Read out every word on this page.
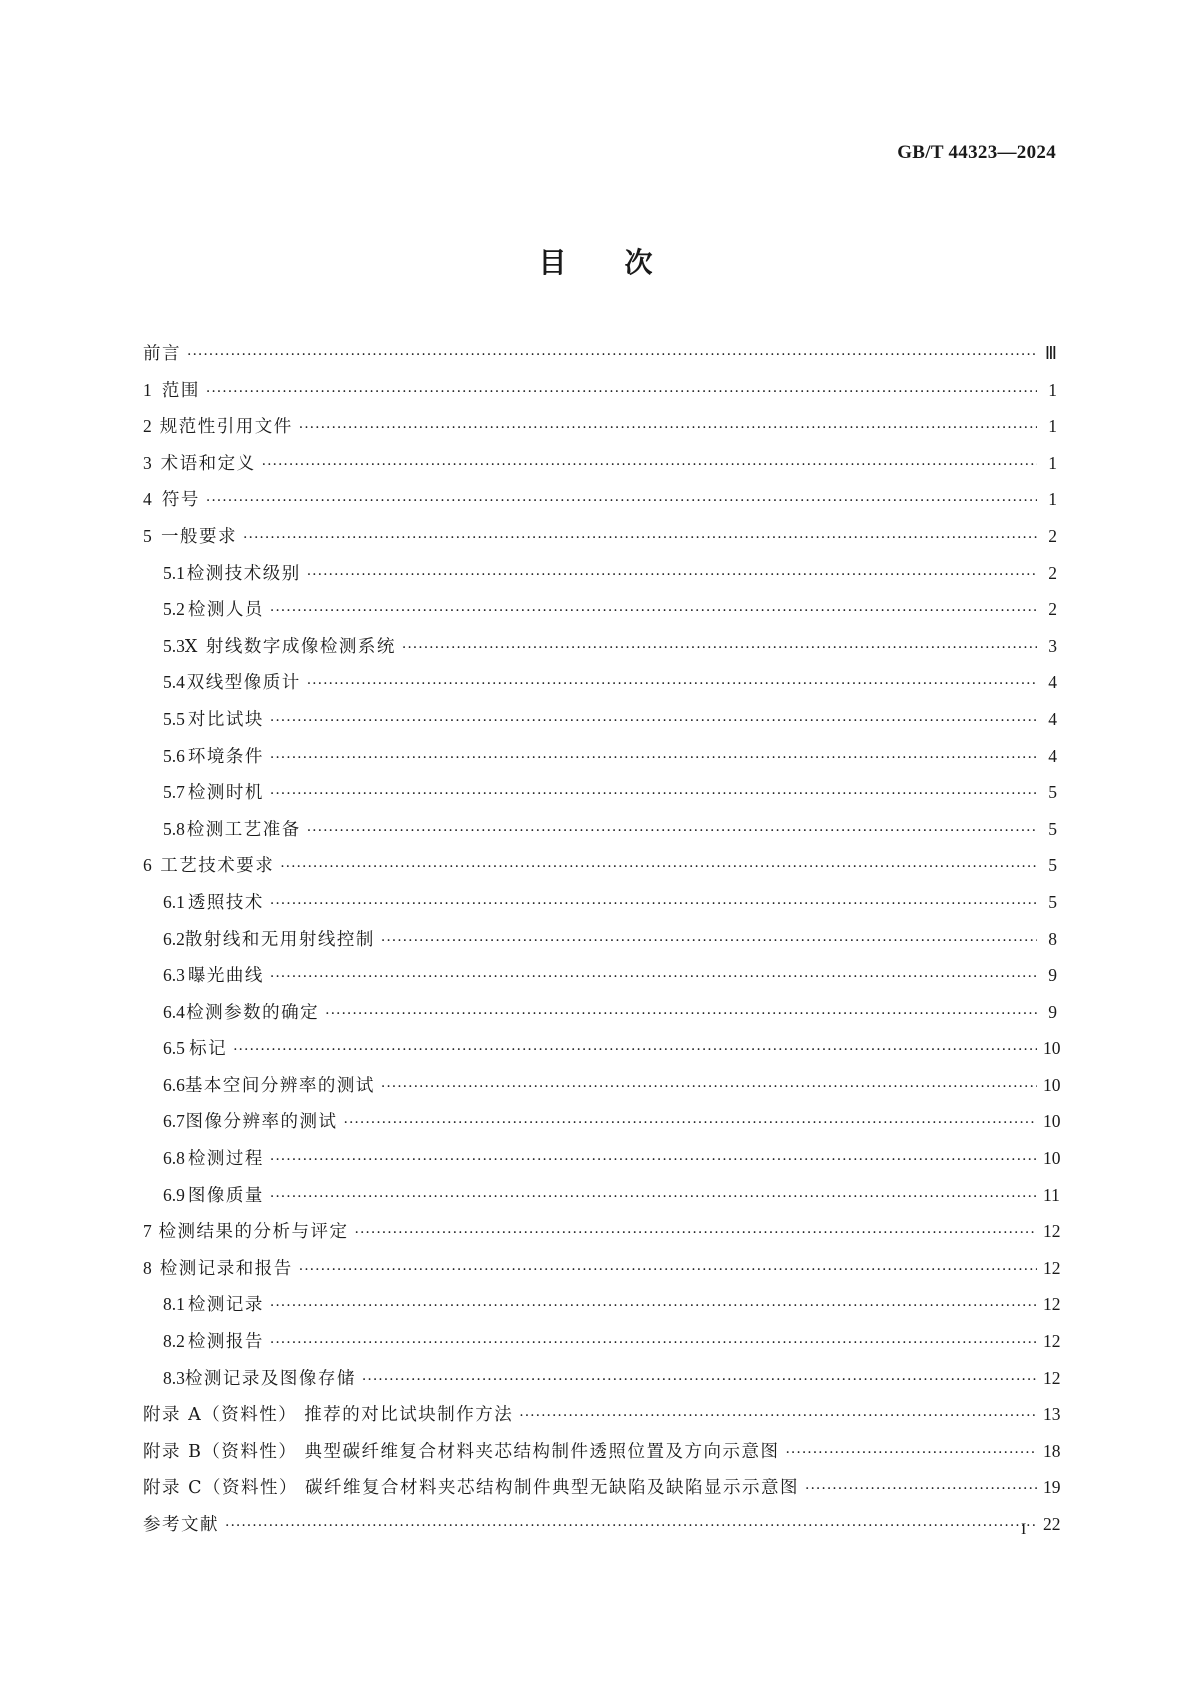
GB/T 44323—2024
目 次
前言 ·····	Ⅲ
1 范围 ·····	1
2 规范性引用文件 ·····	1
3 术语和定义 ·····	1
4 符号 ·····	1
5 一般要求 ·····	2
5.1 检测技术级别 ·····	2
5.2 检测人员 ·····	2
5.3 X 射线数字成像检测系统 ·····	3
5.4 双线型像质计 ·····	4
5.5 对比试块 ·····	4
5.6 环境条件 ·····	4
5.7 检测时机 ·····	5
5.8 检测工艺准备 ·····	5
6 工艺技术要求 ·····	5
6.1 透照技术 ·····	5
6.2 散射线和无用射线控制 ·····	8
6.3 曝光曲线 ·····	9
6.4 检测参数的确定 ·····	9
6.5 标记 ·····	10
6.6 基本空间分辨率的测试 ·····	10
6.7 图像分辨率的测试 ·····	10
6.8 检测过程 ·····	10
6.9 图像质量 ·····	11
7 检测结果的分析与评定 ·····	12
8 检测记录和报告 ·····	12
8.1 检测记录 ·····	12
8.2 检测报告 ·····	12
8.3 检测记录及图像存储 ·····	12
附录 A（资料性） 推荐的对比试块制作方法 ·····	13
附录 B（资料性） 典型碳纤维复合材料夹芯结构制件透照位置及方向示意图 ·····	18
附录 C（资料性） 碳纤维复合材料夹芯结构制件典型无缺陷及缺陷显示示意图 ·····	19
参考文献 ·····	22
I
